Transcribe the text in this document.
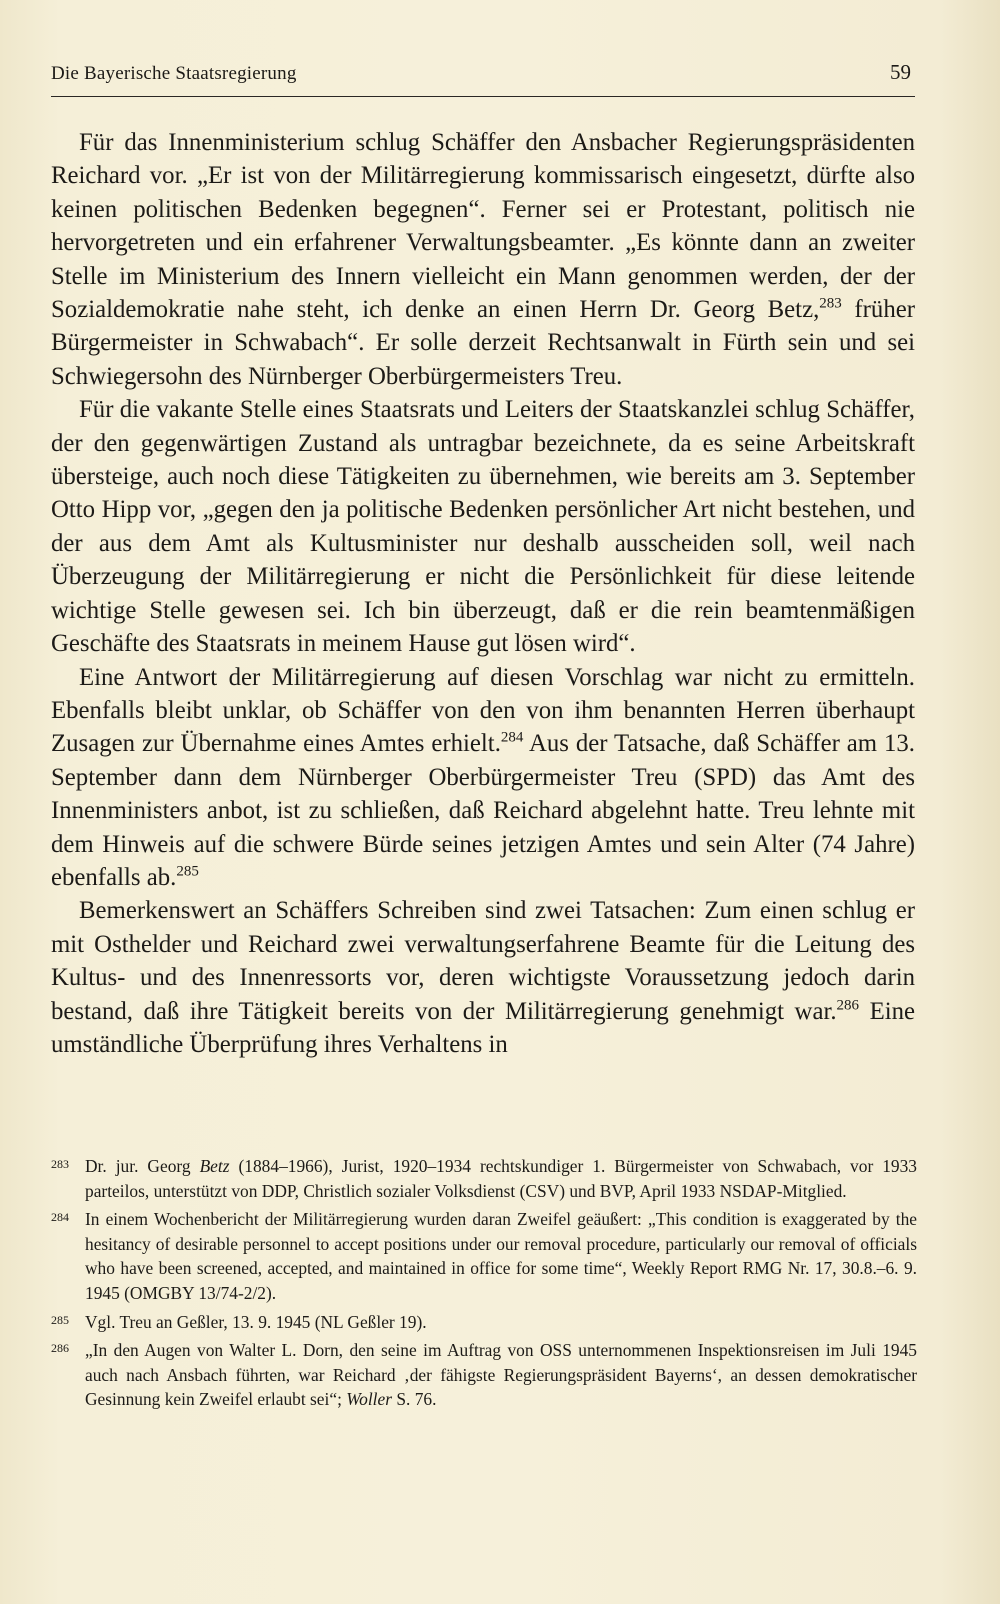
Die Bayerische Staatsregierung	59

Für das Innenministerium schlug Schäffer den Ansbacher Regierungspräsidenten Reichard vor. „Er ist von der Militärregierung kommissarisch eingesetzt, dürfte also keinen politischen Bedenken begegnen“. Ferner sei er Protestant, politisch nie hervorgetreten und ein erfahrener Verwaltungsbeamter. „Es könnte dann an zweiter Stelle im Ministerium des Innern vielleicht ein Mann genommen werden, der der Sozialdemokratie nahe steht, ich denke an einen Herrn Dr. Georg Betz,$^{283}$ früher Bürgermeister in Schwabach“. Er solle derzeit Rechtsanwalt in Fürth sein und sei Schwiegersohn des Nürnberger Oberbürgermeisters Treu.

Für die vakante Stelle eines Staatsrats und Leiters der Staatskanzlei schlug Schäffer, der den gegenwärtigen Zustand als untragbar bezeichnete, da es seine Arbeitskraft übersteige, auch noch diese Tätigkeiten zu übernehmen, wie bereits am 3. September Otto Hipp vor, „gegen den ja politische Bedenken persönlicher Art nicht bestehen, und der aus dem Amt als Kultusminister nur deshalb ausscheiden soll, weil nach Überzeugung der Militärregierung er nicht die Persönlichkeit für diese leitende wichtige Stelle gewesen sei. Ich bin überzeugt, daß er die rein beamtenmäßigen Geschäfte des Staatsrats in meinem Hause gut lösen wird“.

Eine Antwort der Militärregierung auf diesen Vorschlag war nicht zu ermitteln. Ebenfalls bleibt unklar, ob Schäffer von den von ihm benannten Herren überhaupt Zusagen zur Übernahme eines Amtes erhielt.$^{284}$ Aus der Tatsache, daß Schäffer am 13. September dann dem Nürnberger Oberbürgermeister Treu (SPD) das Amt des Innenministers anbot, ist zu schließen, daß Reichard abgelehnt hatte. Treu lehnte mit dem Hinweis auf die schwere Bürde seines jetzigen Amtes und sein Alter (74 Jahre) ebenfalls ab.$^{285}$

Bemerkenswert an Schäffers Schreiben sind zwei Tatsachen: Zum einen schlug er mit Osthelder und Reichard zwei verwaltungserfahrene Beamte für die Leitung des Kultus- und des Innenressorts vor, deren wichtigste Voraussetzung jedoch darin bestand, daß ihre Tätigkeit bereits von der Militärregierung genehmigt war.$^{286}$ Eine umständliche Überprüfung ihres Verhaltens in

283 Dr. jur. Georg Betz (1884–1966), Jurist, 1920–1934 rechtskundiger 1. Bürgermeister von Schwabach, vor 1933 parteilos, unterstützt von DDP, Christlich sozialer Volksdienst (CSV) und BVP, April 1933 NSDAP-Mitglied.
284 In einem Wochenbericht der Militärregierung wurden daran Zweifel geäußert: „This condition is exaggerated by the hesitancy of desirable personnel to accept positions under our removal procedure, particularly our removal of officials who have been screened, accepted, and maintained in office for some time“, Weekly Report RMG Nr. 17, 30.8.–6. 9. 1945 (OMGBY 13/74-2/2).
285 Vgl. Treu an Geßler, 13. 9. 1945 (NL Geßler 19).
286 „In den Augen von Walter L. Dorn, den seine im Auftrag von OSS unternommenen Inspektionsreisen im Juli 1945 auch nach Ansbach führten, war Reichard ‚der fähigste Regierungspräsident Bayerns‘, an dessen demokratischer Gesinnung kein Zweifel erlaubt sei“; Woller S. 76.
